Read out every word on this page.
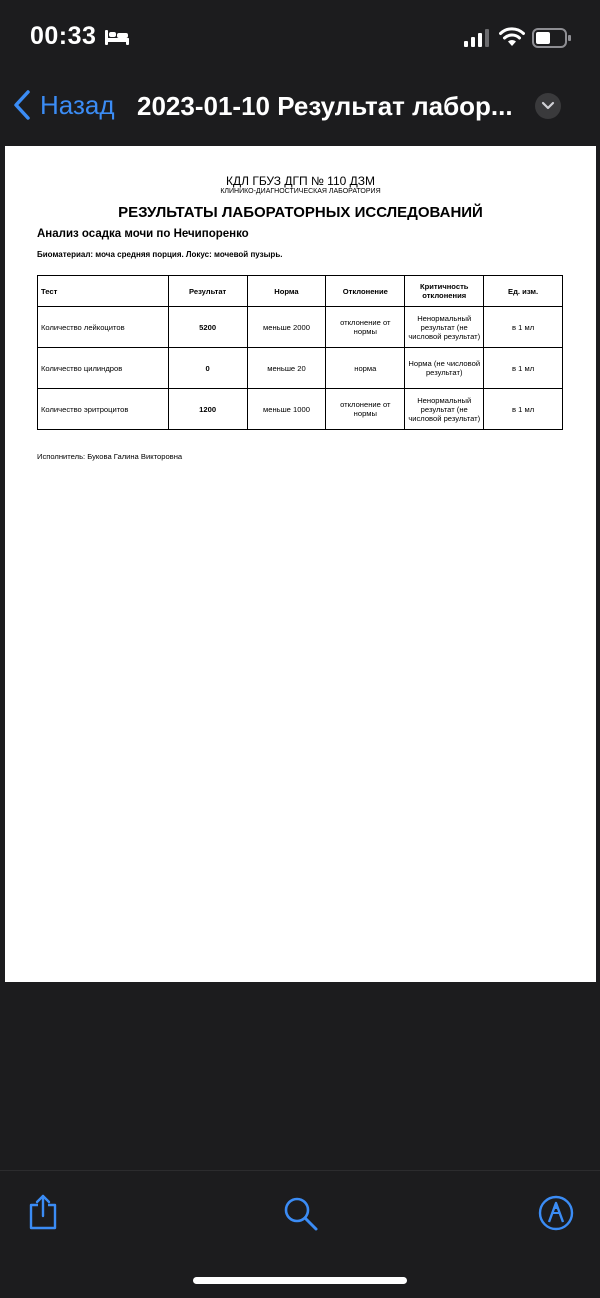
00:33
Назад 2023-01-10 Результат лабор...
КДЛ ГБУЗ ДГП № 110 ДЗМ
КЛИНИКО-ДИАГНОСТИЧЕСКАЯ ЛАБОРАТОРИЯ
РЕЗУЛЬТАТЫ ЛАБОРАТОРНЫХ ИССЛЕДОВАНИЙ
Анализ осадка мочи по Нечипоренко
Биоматериал: моча средняя порция. Локус: мочевой пузырь.
Тест	Результат	Норма	Отклонение	Критичность отклонения	Ед. изм.
Количество лейкоцитов	5200	меньше 2000	отклонение от нормы	Ненормальный результат (не числовой результат)	в 1 мл
Количество цилиндров	0	меньше 20	норма	Норма (не числовой результат)	в 1 мл
Количество эритроцитов	1200	меньше 1000	отклонение от нормы	Ненормальный результат (не числовой результат)	в 1 мл
Исполнитель: Букова Галина Викторовна
